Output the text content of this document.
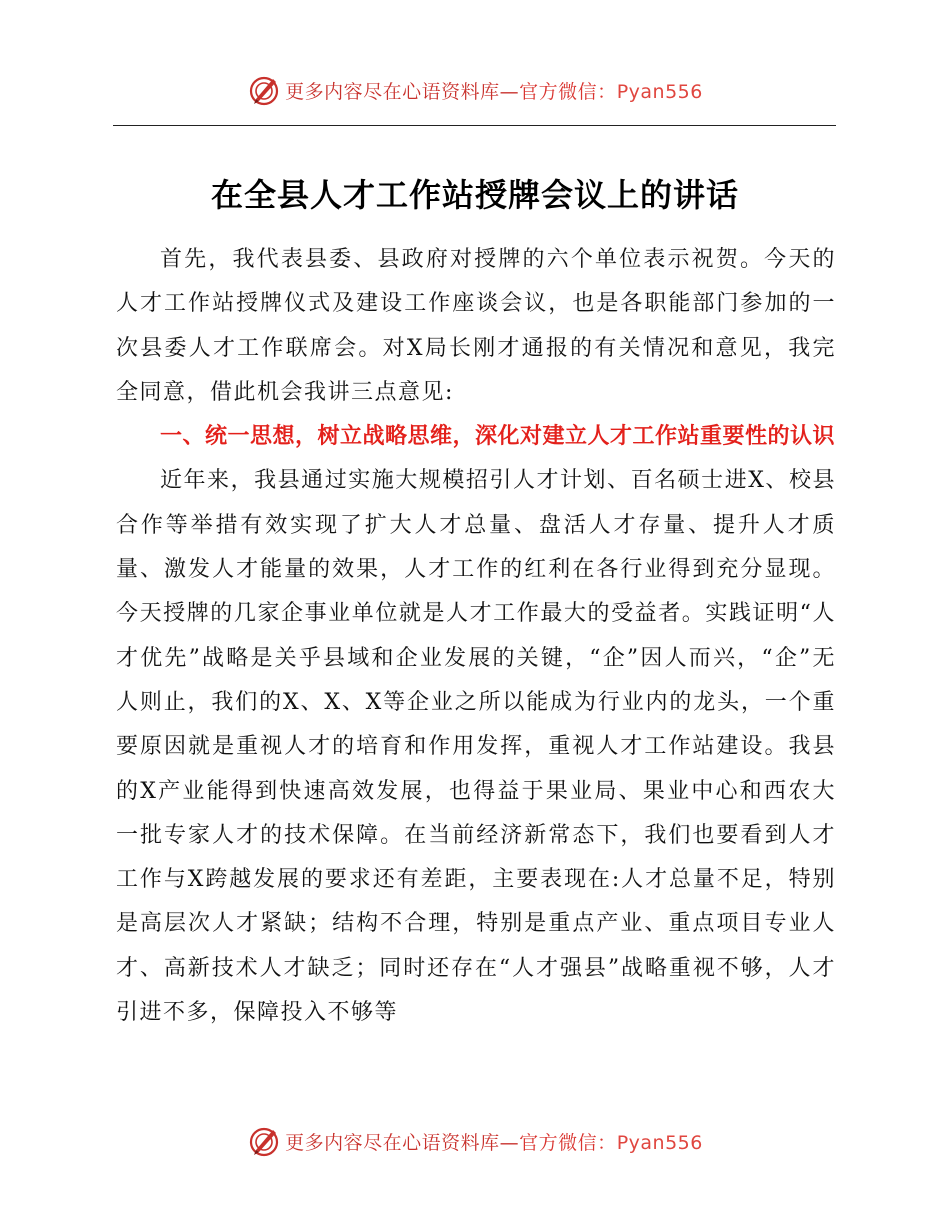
更多内容尽在心语资料库—官方微信：Pyan556
在全县人才工作站授牌会议上的讲话

首先，我代表县委、县政府对授牌的六个单位表示祝贺。今天的人才工作站授牌仪式及建设工作座谈会议，也是各职能部门参加的一次县委人才工作联席会。对X局长刚才通报的有关情况和意见，我完全同意，借此机会我讲三点意见:

一、统一思想，树立战略思维，深化对建立人才工作站重要性的认识

近年来，我县通过实施大规模招引人才计划、百名硕士进X、校县合作等举措有效实现了扩大人才总量、盘活人才存量、提升人才质量、激发人才能量的效果，人才工作的红利在各行业得到充分显现。今天授牌的几家企事业单位就是人才工作最大的受益者。实践证明“人才优先”战略是关乎县域和企业发展的关键，“企”因人而兴，“企”无人则止，我们的X、X、X等企业之所以能成为行业内的龙头，一个重要原因就是重视人才的培育和作用发挥，重视人才工作站建设。我县的X产业能得到快速高效发展，也得益于果业局、果业中心和西农大一批专家人才的技术保障。在当前经济新常态下，我们也要看到人才工作与X跨越发展的要求还有差距，主要表现在:人才总量不足，特别是高层次人才紧缺；结构不合理，特别是重点产业、重点项目专业人才、高新技术人才缺乏；同时还存在“人才强县”战略重视不够，人才引进不多，保障投入不够等

更多内容尽在心语资料库—官方微信：Pyan556
